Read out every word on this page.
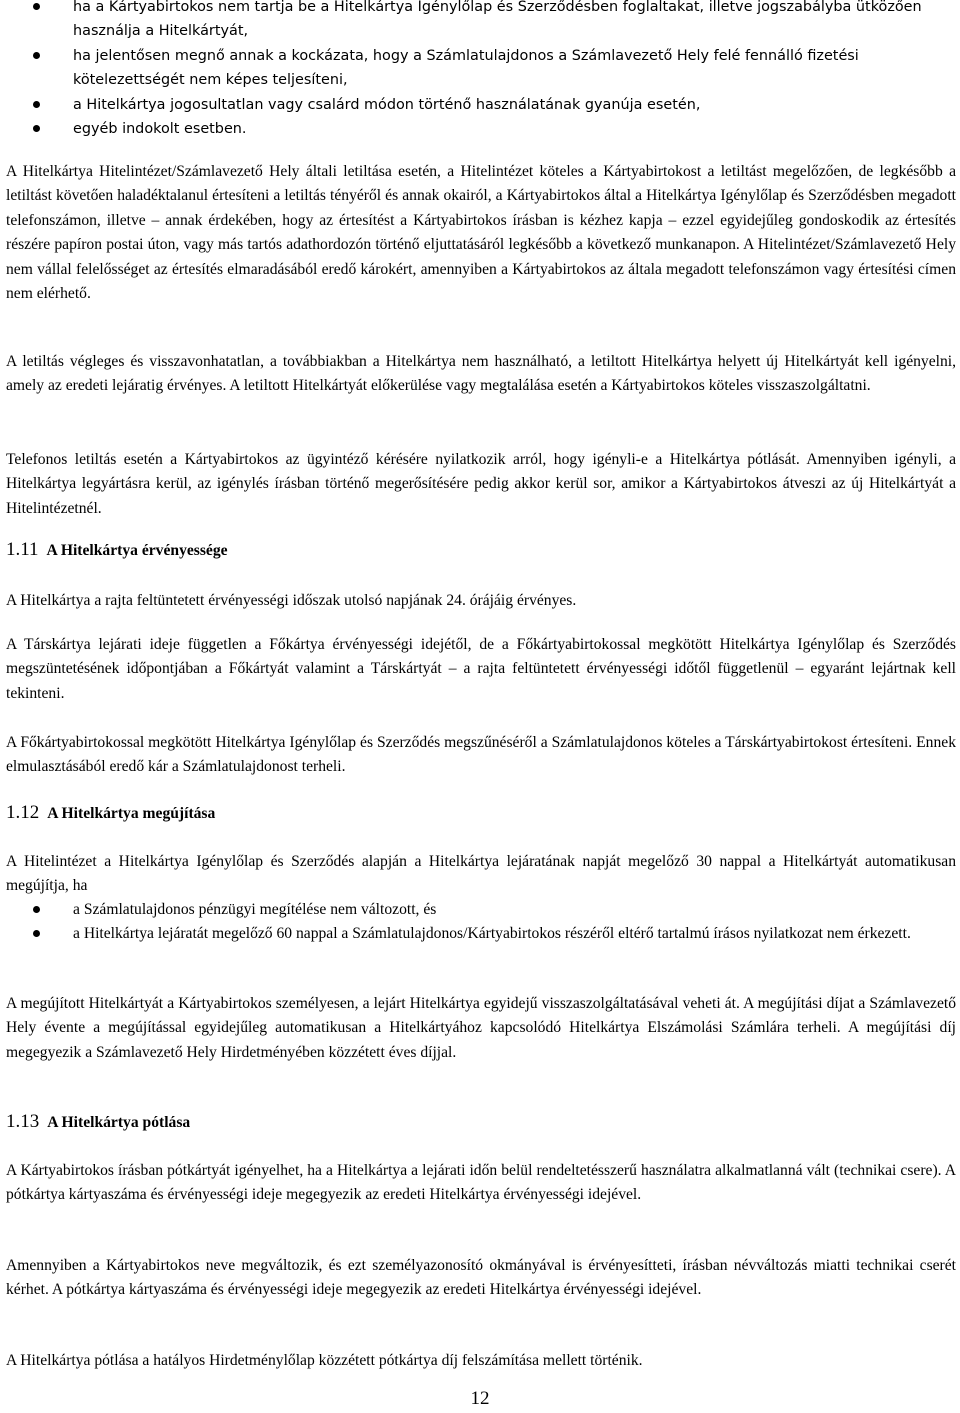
ha a Kártyabirtokos nem tartja be a Hitelkártya Igénylőlap és Szerződésben foglaltakat, illetve jogszabályba ütközően használja a Hitelkártyát,
ha jelentősen megnő annak a kockázata, hogy a Számlatulajdonos a Számlavezető Hely felé fennálló fizetési kötelezettségét nem képes teljesíteni,
a Hitelkártya jogosultatlan vagy csalárd módon történő használatának gyanúja esetén,
egyéb indokolt esetben.

A Hitelkártya Hitelintézet/Számlavezető Hely általi letiltása esetén, a Hitelintézet köteles a Kártyabirtokost a letiltást megelőzően, de legkésőbb a letiltást követően haladéktalanul értesíteni a letiltás tényéről és annak okairól, a Kártyabirtokos által a Hitelkártya Igénylőlap és Szerződésben megadott telefonszámon, illetve – annak érdekében, hogy az értesítést a Kártyabirtokos írásban is kézhez kapja – ezzel egyidejűleg gondoskodik az értesítés részére papíron postai úton, vagy más tartós adathordozón történő eljuttatásáról legkésőbb a következő munkanapon. A Hitelintézet/Számlavezető Hely nem vállal felelősséget az értesítés elmaradásából eredő károkért, amennyiben a Kártyabirtokos az általa megadott telefonszámon vagy értesítési címen nem elérhető.

A letiltás végleges és visszavonhatatlan, a továbbiakban a Hitelkártya nem használható, a letiltott Hitelkártya helyett új Hitelkártyát kell igényelni, amely az eredeti lejáratig érvényes. A letiltott Hitelkártyát előkerülése vagy megtalálása esetén a Kártyabirtokos köteles visszaszolgáltatni.

Telefonos letiltás esetén a Kártyabirtokos az ügyintéző kérésére nyilatkozik arról, hogy igényli-e a Hitelkártya pótlását. Amennyiben igényli, a Hitelkártya legyártásra kerül, az igénylés írásban történő megerősítésére pedig akkor kerül sor, amikor a Kártyabirtokos átveszi az új Hitelkártyát a Hitelintézetnél.

1.11 A Hitelkártya érvényessége

A Hitelkártya a rajta feltüntetett érvényességi időszak utolsó napjának 24. órájáig érvényes.

A Társkártya lejárati ideje független a Főkártya érvényességi idejétől, de a Főkártyabirtokossal megkötött Hitelkártya Igénylőlap és Szerződés megszüntetésének időpontjában a Főkártyát valamint a Társkártyát – a rajta feltüntetett érvényességi időtől függetlenül – egyaránt lejártnak kell tekinteni.

A Főkártyabirtokossal megkötött Hitelkártya Igénylőlap és Szerződés megszűnéséről a Számlatulajdonos köteles a Társkártyabirtokost értesíteni. Ennek elmulasztásából eredő kár a Számlatulajdonost terheli.

1.12 A Hitelkártya megújítása

A Hitelintézet a Hitelkártya Igénylőlap és Szerződés alapján a Hitelkártya lejáratának napját megelőző 30 nappal a Hitelkártyát automatikusan megújítja, ha

a Számlatulajdonos pénzügyi megítélése nem változott, és
a Hitelkártya lejáratát megelőző 60 nappal a Számlatulajdonos/Kártyabirtokos részéről eltérő tartalmú írásos nyilatkozat nem érkezett.

A megújított Hitelkártyát a Kártyabirtokos személyesen, a lejárt Hitelkártya egyidejű visszaszolgáltatásával veheti át. A megújítási díjat a Számlavezető Hely évente a megújítással egyidejűleg automatikusan a Hitelkártyához kapcsolódó Hitelkártya Elszámolási Számlára terheli. A megújítási díj megegyezik a Számlavezető Hely Hirdetményében közzétett éves díjjal.

1.13 A Hitelkártya pótlása

A Kártyabirtokos írásban pótkártyát igényelhet, ha a Hitelkártya a lejárati időn belül rendeltetésszerű használatra alkalmatlanná vált (technikai csere). A pótkártya kártyaszáma és érvényességi ideje megegyezik az eredeti Hitelkártya érvényességi idejével.

Amennyiben a Kártyabirtokos neve megváltozik, és ezt személyazonosító okmányával is érvényesítteti, írásban névváltozás miatti technikai cserét kérhet. A pótkártya kártyaszáma és érvényességi ideje megegyezik az eredeti Hitelkártya érvényességi idejével.

A Hitelkártya pótlása a hatályos Hirdetménylőlap közzétett pótkártya díj felszámítása mellett történik.

12
